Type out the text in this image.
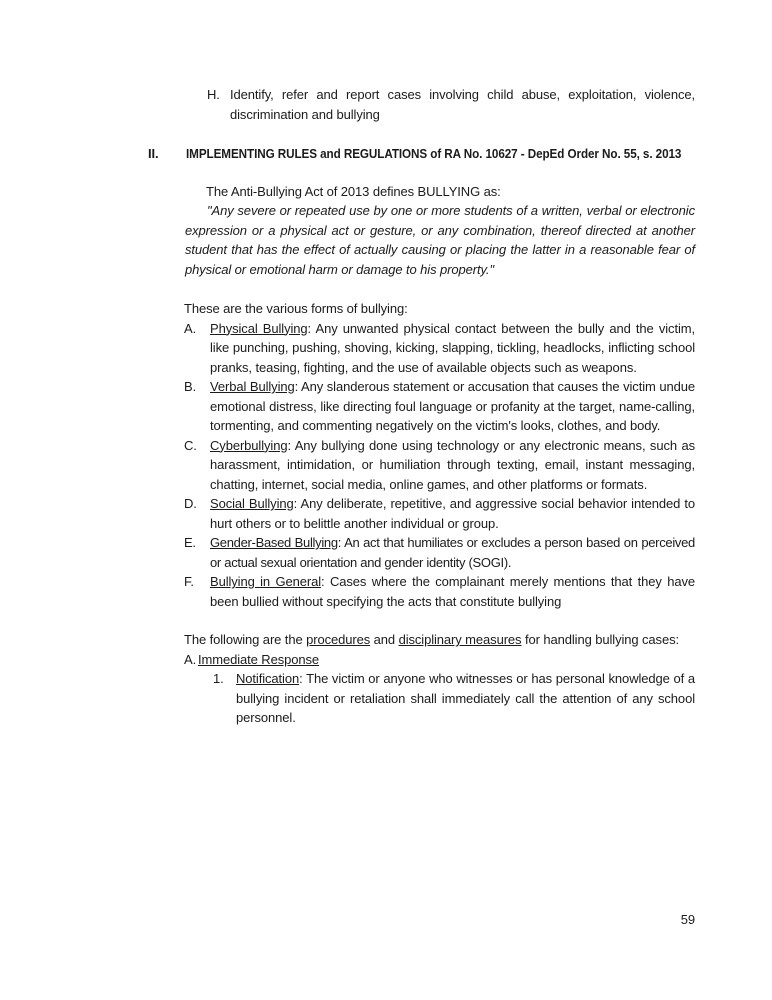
H. Identify, refer and report cases involving child abuse, exploitation, violence, discrimination and bullying
II. IMPLEMENTING RULES and REGULATIONS of RA No. 10627 - DepEd Order No. 55, s. 2013

The Anti-Bullying Act of 2013 defines BULLYING as:

"Any severe or repeated use by one or more students of a written, verbal or electronic expression or a physical act or gesture, or any combination, thereof directed at another student that has the effect of actually causing or placing the latter in a reasonable fear of physical or emotional harm or damage to his property."

These are the various forms of bullying:

A. Physical Bullying: Any unwanted physical contact between the bully and the victim, like punching, pushing, shoving, kicking, slapping, tickling, headlocks, inflicting school pranks, teasing, fighting, and the use of available objects such as weapons.
B. Verbal Bullying: Any slanderous statement or accusation that causes the victim undue emotional distress, like directing foul language or profanity at the target, name-calling, tormenting, and commenting negatively on the victim's looks, clothes, and body.
C. Cyberbullying: Any bullying done using technology or any electronic means, such as harassment, intimidation, or humiliation through texting, email, instant messaging, chatting, internet, social media, online games, and other platforms or formats.
D. Social Bullying: Any deliberate, repetitive, and aggressive social behavior intended to hurt others or to belittle another individual or group.
E. Gender-Based Bullying: An act that humiliates or excludes a person based on perceived or actual sexual orientation and gender identity (SOGI).
F. Bullying in General: Cases where the complainant merely mentions that they have been bullied without specifying the acts that constitute bullying

The following are the procedures and disciplinary measures for handling bullying cases:

A. Immediate Response
1. Notification: The victim or anyone who witnesses or has personal knowledge of a bullying incident or retaliation shall immediately call the attention of any school personnel.
59
